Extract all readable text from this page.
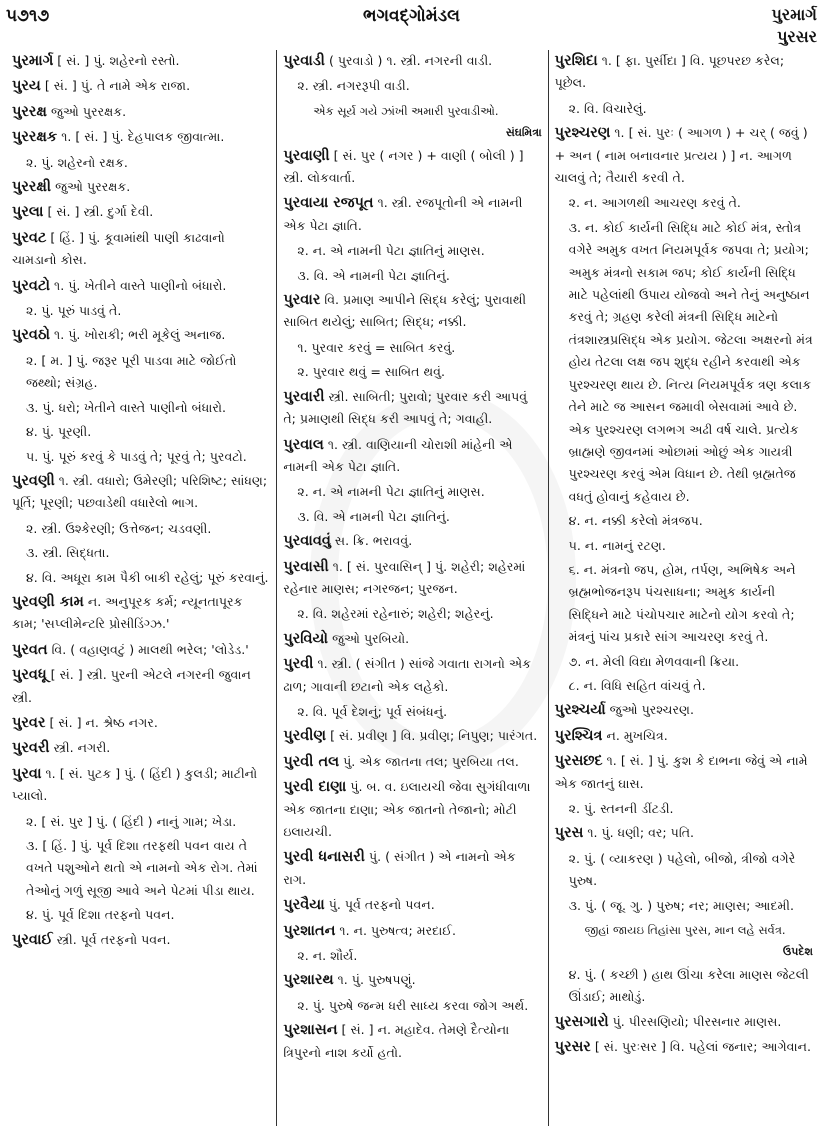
૫૭૧૭	ભગવદ્ગોમંડલ	પુરમાર્ગ
પુરસર
પુરમાર્ગ [ સં. ] પું. શહેરનો રસ્તો.
પુરય [ સં. ] પું. તે નામે એક રાજા.
પુરરક્ષ જુઓ પુરરક્ષક.
પુરરક્ષક ૧. [ સં. ] પું. દેહપાલક જીવાત્મા.
૨. પું. શહેરનો રક્ષક.
પુરરક્ષી જુઓ પુરરક્ષક.
પુરલા [ સં. ] સ્ત્રી. દુર્ગા દેવી.
પુરવટ [ હિં. ] પું. કૂવામાંથી પાણી કાઢવાનો ચામડાનો કોસ.
પુરવટો ૧. પું. ખેતીને વાસ્તે પાણીનો બંધારો.
૨. પું. પૂરું પાડવું તે.
પુરવઠો ૧. પું. ખોરાકી; ભરી મૂકેલું અનાજ.
૨. [ મ. ] પું. જરૂર પૂરી પાડવા માટે જોઈતો જથ્થો; સંગ્રહ.
૩. પું. ધરો; ખેતીને વાસ્તે પાણીનો બંધારો.
૪. પું. પૂરણી.
૫. પું. પૂરું કરવું કે પાડવું તે; પૂરવું તે; પુરવટો.
પુરવણી ૧. સ્ત્રી. વધારો; ઉમેરણી; પરિશિષ્ટ; સાંધણ; પૂર્તિ; પૂરણી; પછવાડેથી વધારેલો ભાગ.
૨. સ્ત્રી. ઉશ્કેરણી; ઉત્તેજન; ચડવણી.
૩. સ્ત્રી. સિદ્ધતા.
૪. વિ. અધૂરા કામ પૈકી બાકી રહેલું; પૂરું કરવાનું.
પુરવણી કામ ન. અનુપૂરક કર્મ; ન્યૂનતાપૂરક કામ; 'સપ્લીમેન્ટરિ પ્રોસીડિંગ્ઝ.'
પુરવત વિ. ( વહાણવટું ) માલથી ભરેલ; 'લોડેડ.'
પુરવધૂ [ સં. ] સ્ત્રી. પુરની એટલે નગરની જુવાન સ્ત્રી.
પુરવર [ સં. ] ન. શ્રેષ્ઠ નગર.
પુરવરી સ્ત્રી. નગરી.
પુરવા ૧. [ સં. પુટક ] પું. ( હિંદી ) કુલડી; માટીનો પ્યાલો.
૨. [ સં. પુર ] પું. ( હિંદી ) નાનું ગામ; ખેડા.
૩. [ હિં. ] પું. પૂર્વ દિશા તરફથી પવન વાય તે વખતે પશુઓને થતો એ નામનો એક રોગ. તેમાં તેઓનું ગળું સૂજી આવે અને પેટમાં પીડા થાય.
૪. પું. પૂર્વ દિશા તરફનો પવન.
પુરવાઈ સ્ત્રી. પૂર્વ તરફનો પવન.
પુરવાડી ( પુરવાડો ) ૧. સ્ત્રી. નગરની વાડી.
૨. સ્ત્રી. નગરરૂપી વાડી.
એક સૂર્ય ગયે ઝાંખી અમારી પુરવાડીઓ.
સંઘમિત્રા
પુરવાણી [ સં. પુર ( નગર ) + વાણી ( બોલી ) ] સ્ત્રી. લોકવાર્તા.
પુરવાયા રજપૂત ૧. સ્ત્રી. રજપૂતોની એ નામની એક પેટા જ્ઞાતિ.
૨. ન. એ નામની પેટા જ્ઞાતિનું માણસ.
૩. વિ. એ નામની પેટા જ્ઞાતિનું.
પુરવાર વિ. પ્રમાણ આપીને સિદ્ધ કરેલું; પુરાવાથી સાબિત થયેલું; સાબિત; સિદ્ધ; નક્કી.
૧. પુરવાર કરવું = સાબિત કરવું.
૨. પુરવાર થવું = સાબિત થવું.
પુરવારી સ્ત્રી. સાબિતી; પુરાવો; પુરવાર કરી આપવું તે; પ્રમાણથી સિદ્ધ કરી આપવું તે; ગવાહી.
પુરવાલ ૧. સ્ત્રી. વાણિયાની ચોરાશી માંહેની એ નામની એક પેટા જ્ઞાતિ.
૨. ન. એ નામની પેટા જ્ઞાતિનું માણસ.
૩. વિ. એ નામની પેટા જ્ઞાતિનું.
પુરવાવવું સ. ક્રિ. ભરાવવું.
પુરવાસી ૧. [ સં. પુરવાસિન્ ] પું. શહેરી; શહેરમાં રહેનાર માણસ; નગરજન; પુરજન.
૨. વિ. શહેરમાં રહેનારું; શહેરી; શહેરનું.
પુરવિયો જુઓ પુરબિયો.
પુરવી ૧. સ્ત્રી. ( સંગીત ) સાંજે ગવાતા રાગનો એક ઢાળ; ગાવાની છટાનો એક લહેકો.
૨. વિ. પૂર્વ દેશનું; પૂર્વ સંબંધનું.
પુરવીણ [ સં. પ્રવીણ ] વિ. પ્રવીણ; નિપુણ; પારંગત.
પુરવી તલ પું. એક જાતના તલ; પુરબિયા તલ.
પુરવી દાણા પું. બ. વ. ઇલાયચી જેવા સુગંધીવાળા એક જાતના દાણા; એક જાતનો તેજાનો; મોટી ઇલાયચી.
પુરવી ધનાસરી પું. ( સંગીત ) એ નામનો એક રાગ.
પુરવૈયા પું. પૂર્વ તરફનો પવન.
પુરશાતન ૧. ન. પુરુષત્વ; મરદાઈ.
૨. ન. શૌર્ય.
પુરશારથ ૧. પું. પુરુષપણું.
૨. પું. પુરુષે જન્મ ધરી સાધ્ય કરવા જોગ અર્થ.
પુરશાસન [ સં. ] ન. મહાદેવ. તેમણે દૈત્યોના ત્રિપુરનો નાશ કર્યો હતો.
પુરશિદા ૧. [ ફા. પુર્સીદા ] વિ. પૂછપરછ કરેલ; પૂછેલ.
૨. વિ. વિચારેલું.
પુરશ્ચરણ ૧. [ સં. પુરઃ ( આગળ ) + ચર્ ( જવું ) + અન ( નામ બનાવનાર પ્રત્યય ) ] ન. આગળ ચાલવું તે; તૈયારી કરવી તે.
૨. ન. આગળથી આચરણ કરવું તે.
૩. ન. કોઈ કાર્યની સિદ્ધિ માટે કોઈ મંત્ર, સ્તોત્ર વગેરે અમુક વખત નિયમપૂર્વક જપવા તે; પ્રયોગ; અમુક મંત્રનો સકામ જપ; કોઈ કાર્યની સિદ્ધિ માટે પહેલાંથી ઉપાય યોજવો અને તેનું અનુષ્ઠાન કરવું તે; ગ્રહણ કરેલી મંત્રની સિદ્ધિ માટેનો તંત્રશાસ્ત્રપ્રસિદ્ધ એક પ્રયોગ. જેટલા અક્ષરનો મંત્ર હોય તેટલા લક્ષ જપ શુદ્ધ રહીને કરવાથી એક પુરશ્ચરણ થાય છે. નિત્ય નિયમપૂર્વક ત્રણ કલાક તેને માટે જ આસન જમાવી બેસવામાં આવે છે. એક પુરશ્ચરણ લગભગ અઢી વર્ષ ચાલે. પ્રત્યેક બ્રાહ્મણે જીવનમાં ઓછામાં ઓછું એક ગાયત્રી પુરશ્ચરણ કરવું એમ વિધાન છે. તેથી બ્રહ્મતેજ વધતું હોવાનું કહેવાય છે.
૪. ન. નક્કી કરેલો મંત્રજપ.
૫. ન. નામનું રટણ.
૬. ન. મંત્રનો જપ, હોમ, તર્પણ, અભિષેક અને બ્રહ્મભોજનરૂપ પંચસાધના; અમુક કાર્યની સિદ્ધિને માટે પંચોપચાર માટેનો યોગ કરવો તે; મંત્રનું પાંચ પ્રકારે સાંગ આચરણ કરવું તે.
૭. ન. મેલી વિદ્યા મેળવવાની ક્રિયા.
૮. ન. વિધિ સહિત વાંચવું તે.
પુરશ્ચર્યા જુઓ પુરશ્ચરણ.
પુરશ્ચિત્ર ન. મુખચિત્ર.
પુરસછદ ૧. [ સં. ] પું. કુશ કે દાભના જેવું એ નામે એક જાતનું ઘાસ.
૨. પું. સ્તનની ડીંટડી.
પુરસ ૧. પું. ધણી; વર; પતિ.
૨. પું. ( વ્યાકરણ ) પહેલો, બીજો, ત્રીજો વગેરે પુરુષ.
૩. પું. ( જૂ. ગુ. ) પુરુષ; નર; માણસ; આદમી.
જીહાં જાયઇ તિહાંસા પુરસ, માન લહે સર્વત્ર.
ઉપદેશ
૪. પું. ( કચ્છી ) હાથ ઊંચા કરેલા માણસ જેટલી ઊંડાઈ; માથોડું.
પુરસગારો પું. પીરસણિયો; પીરસનાર માણસ.
પુરસર [ સં. પુરઃસર ] વિ. પહેલાં જનાર; આગેવાન.
